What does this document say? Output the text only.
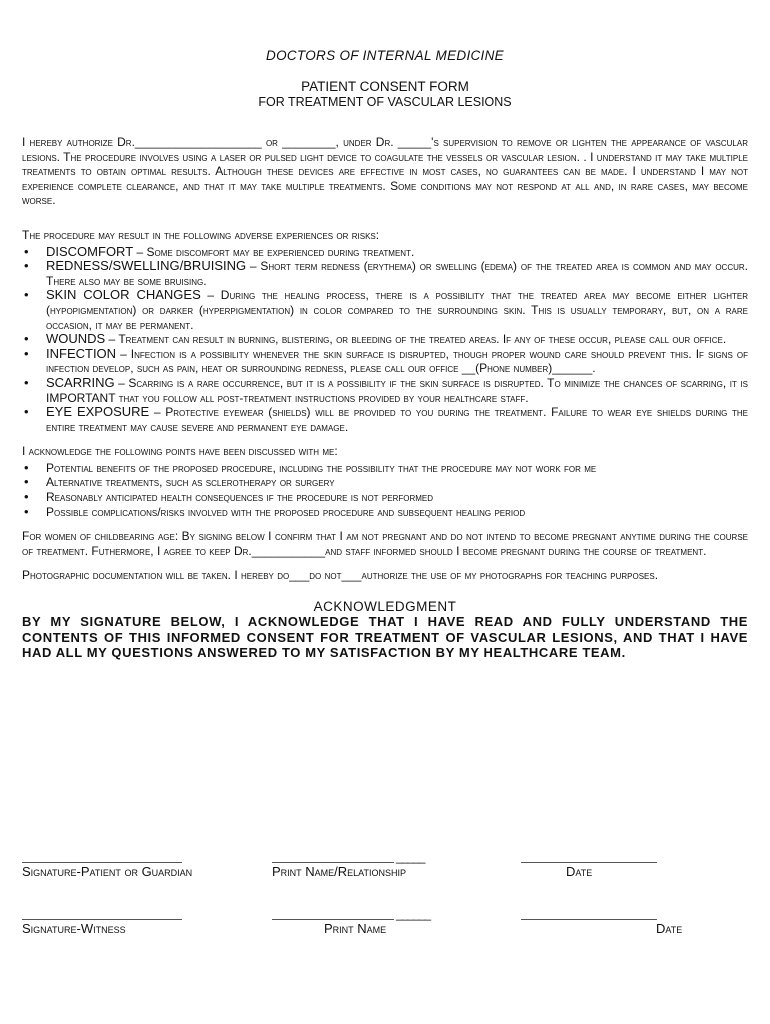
DOCTORS OF INTERNAL MEDICINE
PATIENT CONSENT FORM
FOR TREATMENT OF VASCULAR LESIONS

I hereby authorize Dr.___________________ or ________, under Dr. _____'s supervision to remove or lighten the appearance of vascular lesions. The procedure involves using a laser or pulsed light device to coagulate the vessels or vascular lesion. . I understand it may take multiple treatments to obtain optimal results. Although these devices are effective in most cases, no guarantees can be made. I understand I may not experience complete clearance, and that it may take multiple treatments. Some conditions may not respond at all and, in rare cases, may become worse.

The procedure may result in the following adverse experiences or risks:

• DISCOMFORT – Some discomfort may be experienced during treatment.
• REDNESS/SWELLING/BRUISING – Short term redness (erythema) or swelling (edema) of the treated area is common and may occur. There also may be some bruising.
• SKIN COLOR CHANGES – During the healing process, there is a possibility that the treated area may become either lighter (hypopigmentation) or darker (hyperpigmentation) in color compared to the surrounding skin. This is usually temporary, but, on a rare occasion, it may be permanent.
• WOUNDS – Treatment can result in burning, blistering, or bleeding of the treated areas. If any of these occur, please call our office.
• INFECTION – Infection is a possibility whenever the skin surface is disrupted, though proper wound care should prevent this. If signs of infection develop, such as pain, heat or surrounding redness, please call our office __(Phone number)______.
• SCARRING – Scarring is a rare occurrence, but it is a possibility if the skin surface is disrupted. To minimize the chances of scarring, it is IMPORTANT that you follow all post-treatment instructions provided by your healthcare staff.
• EYE EXPOSURE – Protective eyewear (shields) will be provided to you during the treatment. Failure to wear eye shields during the entire treatment may cause severe and permanent eye damage.

I acknowledge the following points have been discussed with me:

• Potential benefits of the proposed procedure, including the possibility that the procedure may not work for me
• Alternative treatments, such as sclerotherapy or surgery
• Reasonably anticipated health consequences if the procedure is not performed
• Possible complications/risks involved with the proposed procedure and subsequent healing period

For women of childbearing age: By signing below I confirm that I am not pregnant and do not intend to become pregnant anytime during the course of treatment. Futhermore, I agree to keep Dr.___________and staff informed should I become pregnant during the course of treatment.

Photographic documentation will be taken. I hereby do___do not___authorize the use of my photographs for teaching purposes.

ACKNOWLEDGMENT
BY MY SIGNATURE BELOW, I ACKNOWLEDGE THAT I HAVE READ AND FULLY UNDERSTAND THE CONTENTS OF THIS INFORMED CONSENT FOR TREATMENT OF VASCULAR LESIONS, AND THAT I HAVE HAD ALL MY QUESTIONS ANSWERED TO MY SATISFACTION BY MY HEALTHCARE TEAM.
_____
Signature-Patient or Guardian	Print Name/Relationship	Date
______
Signature-Witness	Print Name	Date
